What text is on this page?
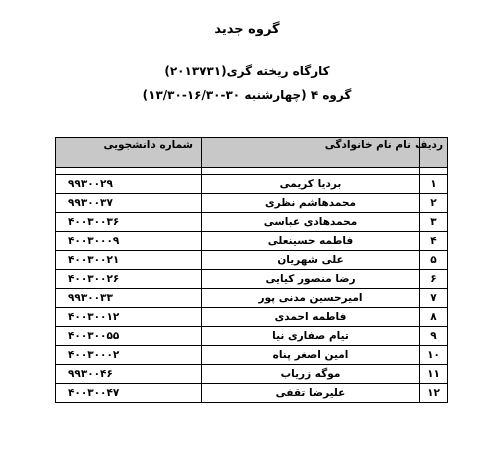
گروه جدید
کارگاه ریخته گری(۲۰۱۳۷۳۱)
گروه ۴ (چهارشنبه ۳۰-۱۶/۳۰-۱۳/۳۰)
ردیف	نام نام خانوادگی	شماره دانشجویی

۱	بردیا کریمی	۹۹۳۰۰۲۹
۲	محمدهاشم نظری	۹۹۳۰۰۳۷
۳	محمدهادی عباسی	۴۰۰۳۰۰۳۶
۴	فاطمه حسینعلی	۴۰۰۳۰۰۰۹
۵	علی شهریان	۴۰۰۳۰۰۲۱
۶	رضا منصور کیایی	۴۰۰۳۰۰۲۶
۷	امیرحسین مدنی پور	۹۹۳۰۰۳۳
۸	فاطمه احمدی	۴۰۰۳۰۰۱۲
۹	تیام صفاری نیا	۴۰۰۳۰۰۵۵
۱۰	امین اصغر پناه	۴۰۰۳۰۰۰۲
۱۱	موگه زریاب	۹۹۳۰۰۴۶
۱۲	علیرضا تقفی	۴۰۰۳۰۰۴۷
